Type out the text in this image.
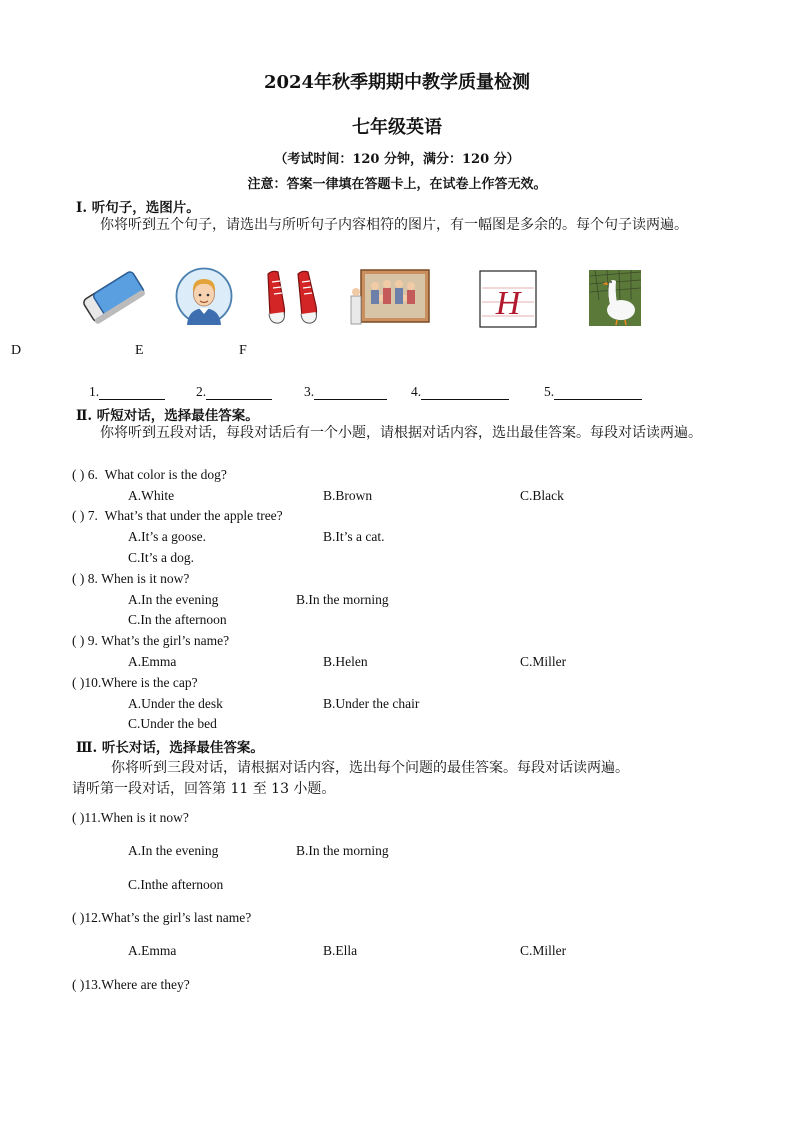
2024年秋季期期中教学质量检测
七年级英语
（考试时间：120 分钟，满分：120 分）
注意：答案一律填在答题卡上，在试卷上作答无效。
Ⅰ. 听句子，选图片。
你将听到五个句子，请选出与所听句子内容相符的图片，有一幅图是多余的。每个句子读两遍。
H
D	E	F
1.	2.	3.	4.	5.
Ⅱ. 听短对话，选择最佳答案。
你将听到五段对话，每段对话后有一个小题，请根据对话内容，选出最佳答案。每段对话读两遍。
( ) 6. What color is the dog?
A.White	B.Brown	C.Black
( ) 7. What’s that under the apple tree?
A.It’s a goose.	B.It’s a cat.
C.It’s a dog.
( ) 8. When is it now?
A.In the evening	B.In the morning
C.In the afternoon
( ) 9. What’s the girl’s name?
A.Emma	B.Helen	C.Miller
( )10.Where is the cap?
A.Under the desk	B.Under the chair
C.Under the bed
Ⅲ. 听长对话，选择最佳答案。
你将听到三段对话，请根据对话内容，选出每个问题的最佳答案。每段对话读两遍。
请听第一段对话，回答第 11 至 13 小题。
( )11.When is it now?
A.In the evening	B.In the morning
C.Inthe afternoon
( )12.What’s the girl’s last name?
A.Emma	B.Ella	C.Miller
( )13.Where are they?
